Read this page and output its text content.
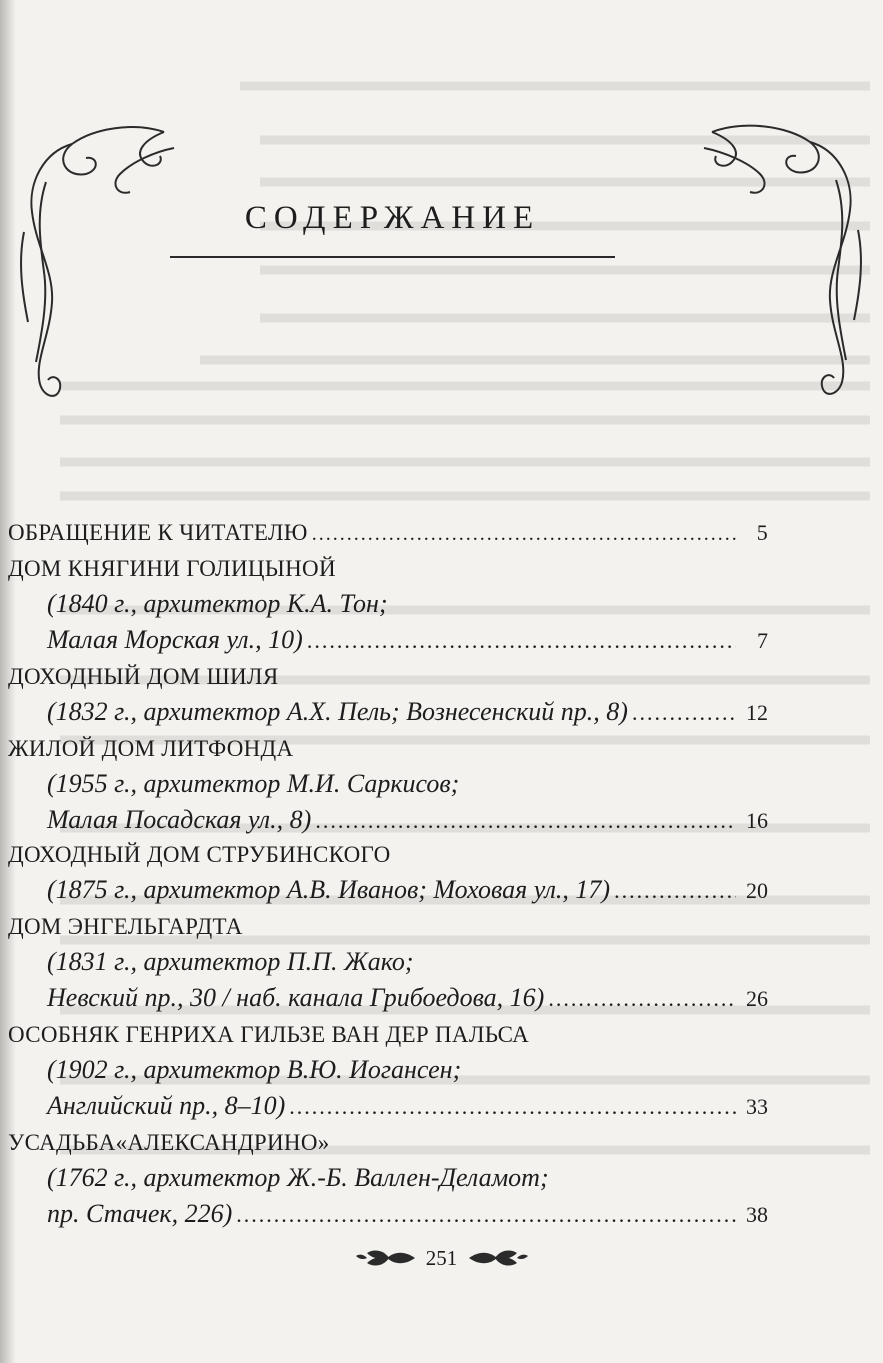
СОДЕРЖАНИЕ
ОБРАЩЕНИЕ К ЧИТАТЕЛЮ .....	5
ДОМ КНЯГИНИ ГОЛИЦЫНОЙ
(1840 г., архитектор К.А. Тон;
Малая Морская ул., 10) .....	7
ДОХОДНЫЙ ДОМ ШИЛЯ
(1832 г., архитектор А.Х. Пель; Вознесенский пр., 8) .....	12
ЖИЛОЙ ДОМ ЛИТФОНДА
(1955 г., архитектор М.И. Саркисов;
Малая Посадская ул., 8) .....	16
ДОХОДНЫЙ ДОМ СТРУБИНСКОГО
(1875 г., архитектор А.В. Иванов; Моховая ул., 17) .....	20
ДОМ ЭНГЕЛЬГАРДТА
(1831 г., архитектор П.П. Жако;
Невский пр., 30 / наб. канала Грибоедова, 16) .....	26
ОСОБНЯК ГЕНРИХА ГИЛЬЗЕ ВАН ДЕР ПАЛЬСА
(1902 г., архитектор В.Ю. Иогансен;
Английский пр., 8–10) .....	33
УСАДЬБА«АЛЕКСАНДРИНО»
(1762 г., архитектор Ж.-Б. Валлен-Деламот;
пр. Стачек, 226) .....	38
251
